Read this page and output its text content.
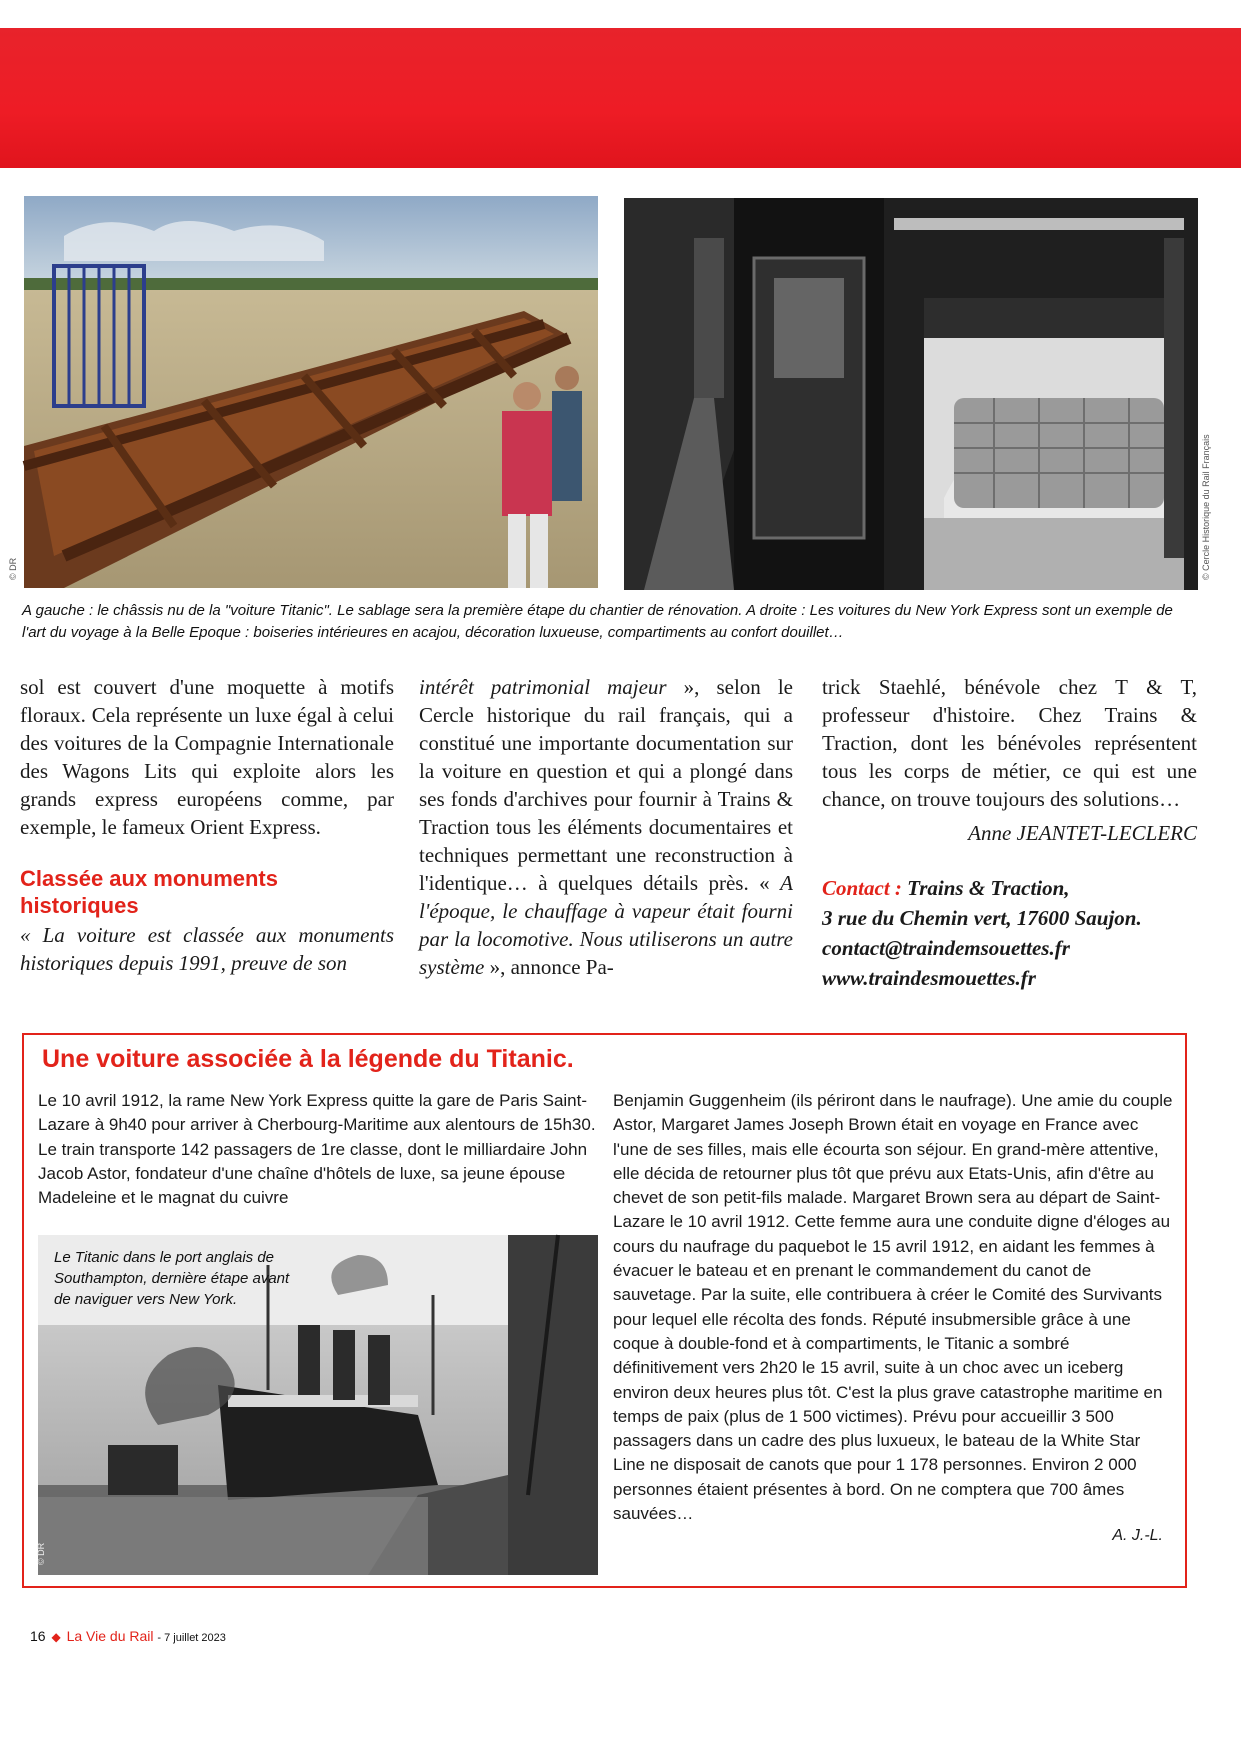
© DR	© Cercle Historique du Rail Français
A gauche : le châssis nu de la "voiture Titanic". Le sablage sera la première étape du chantier de rénovation. A droite : Les voitures du New York Express sont un exemple de l'art du voyage à la Belle Epoque : boiseries intérieures en acajou, décoration luxueuse, compartiments au confort douillet…

sol est couvert d'une moquette à motifs floraux. Cela représente un luxe égal à celui des voitures de la Compagnie Internationale des Wagons Lits qui exploite alors les grands express européens comme, par exemple, le fameux Orient Express.

Classée aux monuments historiques

« La voiture est classée aux monuments historiques depuis 1991, preuve de son

intérêt patrimonial majeur », selon le Cercle historique du rail français, qui a constitué une importante documentation sur la voiture en question et qui a plongé dans ses fonds d'archives pour fournir à Trains & Traction tous les éléments documentaires et techniques permettant une reconstruction à l'identique… à quelques détails près. « A l'époque, le chauffage à vapeur était fourni par la locomotive. Nous utiliserons un autre système », annonce Pa-

trick Staehlé, bénévole chez T & T, professeur d'histoire. Chez Trains & Traction, dont les bénévoles représentent tous les corps de métier, ce qui est une chance, on trouve toujours des solutions…

Anne JEANTET-LECLERC
Contact : Trains & Traction,
3 rue du Chemin vert, 17600 Saujon.
contact@traindemsouettes.fr
www.traindesmouettes.fr
Une voiture associée à la légende du Titanic.

Le 10 avril 1912, la rame New York Express quitte la gare de Paris Saint-Lazare à 9h40 pour arriver à Cherbourg-Maritime aux alentours de 15h30. Le train transporte 142 passagers de 1re classe, dont le milliardaire John Jacob Astor, fondateur d'une chaîne d'hôtels de luxe, sa jeune épouse Madeleine et le magnat du cuivre

Benjamin Guggenheim (ils périront dans le naufrage). Une amie du couple Astor, Margaret James Joseph Brown était en voyage en France avec l'une de ses filles, mais elle écourta son séjour. En grand-mère attentive, elle décida de retourner plus tôt que prévu aux Etats-Unis, afin d'être au chevet de son petit-fils malade. Margaret Brown sera au départ de Saint-Lazare le 10 avril 1912. Cette femme aura une conduite digne d'éloges au cours du naufrage du paquebot le 15 avril 1912, en aidant les femmes à évacuer le bateau et en prenant le commandement du canot de sauvetage. Par la suite, elle contribuera à créer le Comité des Survivants pour lequel elle récolta des fonds. Réputé insubmersible grâce à une coque à double-fond et à compartiments, le Titanic a sombré définitivement vers 2h20 le 15 avril, suite à un choc avec un iceberg environ deux heures plus tôt. C'est la plus grave catastrophe maritime en temps de paix (plus de 1 500 victimes). Prévu pour accueillir 3 500 passagers dans un cadre des plus luxueux, le bateau de la White Star Line ne disposait de canots que pour 1 178 personnes. Environ 2 000 personnes étaient présentes à bord. On ne comptera que 700 âmes sauvées…

A. J.-L.
Le Titanic dans le port anglais de Southampton, dernière étape avant de naviguer vers New York.
© DR
16 ◆ La Vie du Rail - 7 juillet 2023
